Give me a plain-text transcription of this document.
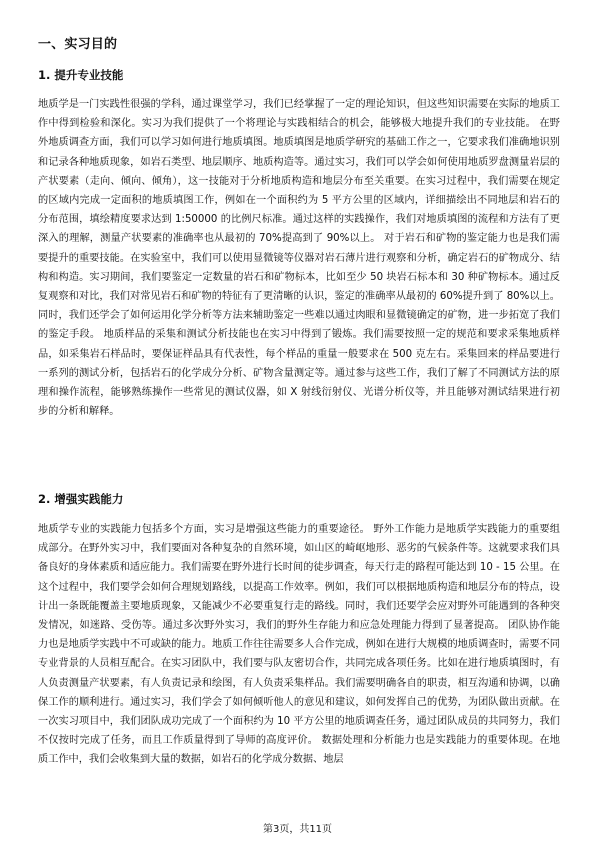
一、实习目的
1. 提升专业技能

地质学是一门实践性很强的学科，通过课堂学习，我们已经掌握了一定的理论知识，但这些知识需要在实际的地质工作中得到检验和深化。实习为我们提供了一个将理论与实践相结合的机会，能够极大地提升我们的专业技能。 在野外地质调查方面，我们可以学习如何进行地质填图。地质填图是地质学研究的基础工作之一，它要求我们准确地识别和记录各种地质现象，如岩石类型、地层顺序、地质构造等。通过实习，我们可以学会如何使用地质罗盘测量岩层的产状要素（走向、倾向、倾角），这一技能对于分析地质构造和地层分布至关重要。在实习过程中，我们需要在规定的区域内完成一定面积的地质填图工作，例如在一个面积约为 5 平方公里的区域内，详细描绘出不同地层和岩石的分布范围，填绘精度要求达到 1:50000 的比例尺标准。通过这样的实践操作，我们对地质填图的流程和方法有了更深入的理解，测量产状要素的准确率也从最初的 70%提高到了 90%以上。 对于岩石和矿物的鉴定能力也是我们需要提升的重要技能。在实验室中，我们可以使用显微镜等仪器对岩石薄片进行观察和分析，确定岩石的矿物成分、结构和构造。实习期间，我们要鉴定一定数量的岩石和矿物标本，比如至少 50 块岩石标本和 30 种矿物标本。通过反复观察和对比，我们对常见岩石和矿物的特征有了更清晰的认识，鉴定的准确率从最初的 60%提升到了 80%以上。同时，我们还学会了如何运用化学分析等方法来辅助鉴定一些难以通过肉眼和显微镜确定的矿物，进一步拓宽了我们的鉴定手段。 地质样品的采集和测试分析技能也在实习中得到了锻炼。我们需要按照一定的规范和要求采集地质样品，如采集岩石样品时，要保证样品具有代表性，每个样品的重量一般要求在 500 克左右。采集回来的样品要进行一系列的测试分析，包括岩石的化学成分分析、矿物含量测定等。通过参与这些工作，我们了解了不同测试方法的原理和操作流程，能够熟练操作一些常见的测试仪器，如 X 射线衍射仪、光谱分析仪等，并且能够对测试结果进行初步的分析和解释。

2. 增强实践能力

地质学专业的实践能力包括多个方面，实习是增强这些能力的重要途径。 野外工作能力是地质学实践能力的重要组成部分。在野外实习中，我们要面对各种复杂的自然环境，如山区的崎岖地形、恶劣的气候条件等。这就要求我们具备良好的身体素质和适应能力。我们需要在野外进行长时间的徒步调查，每天行走的路程可能达到 10 - 15 公里。在这个过程中，我们要学会如何合理规划路线，以提高工作效率。例如，我们可以根据地质构造和地层分布的特点，设计出一条既能覆盖主要地质现象，又能减少不必要重复行走的路线。同时，我们还要学会应对野外可能遇到的各种突发情况，如迷路、受伤等。通过多次野外实习，我们的野外生存能力和应急处理能力得到了显著提高。 团队协作能力也是地质学实践中不可或缺的能力。地质工作往往需要多人合作完成，例如在进行大规模的地质调查时，需要不同专业背景的人员相互配合。在实习团队中，我们要与队友密切合作，共同完成各项任务。比如在进行地质填图时，有人负责测量产状要素，有人负责记录和绘图，有人负责采集样品。我们需要明确各自的职责，相互沟通和协调，以确保工作的顺利进行。通过实习，我们学会了如何倾听他人的意见和建议，如何发挥自己的优势，为团队做出贡献。在一次实习项目中，我们团队成功完成了一个面积约为 10 平方公里的地质调查任务，通过团队成员的共同努力，我们不仅按时完成了任务，而且工作质量得到了导师的高度评价。 数据处理和分析能力也是实践能力的重要体现。在地质工作中，我们会收集到大量的数据，如岩石的化学成分数据、地层

第3页，共11页
